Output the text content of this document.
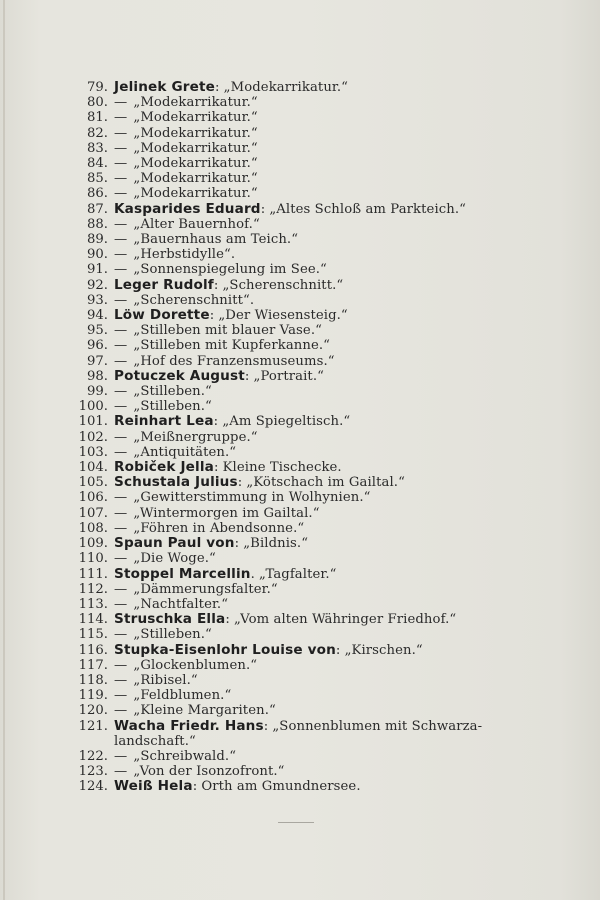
79. Jelinek Grete: „Modekarrikatur.“
80. — „Modekarrikatur.“
81. — „Modekarrikatur.“
82. — „Modekarrikatur.“
83. — „Modekarrikatur.“
84. — „Modekarrikatur.“
85. — „Modekarrikatur.“
86. — „Modekarrikatur.“
87. Kasparides Eduard: „Altes Schloß am Parkteich.“
88. — „Alter Bauernhof.“
89. — „Bauernhaus am Teich.“
90. — „Herbstidylle“.
91. — „Sonnenspiegelung im See.“
92. Leger Rudolf: „Scherenschnitt.“
93. — „Scherenschnitt“.
94. Löw Dorette: „Der Wiesensteig.“
95. — „Stilleben mit blauer Vase.“
96. — „Stilleben mit Kupferkanne.“
97. — „Hof des Franzensmuseums.“
98. Potuczek August: „Portrait.“
99. — „Stilleben.“
100. — „Stilleben.“
101. Reinhart Lea: „Am Spiegeltisch.“
102. — „Meißnergruppe.“
103. — „Antiquitäten.“
104. Robiček Jella: Kleine Tischecke.
105. Schustala Julius: „Kötschach im Gailtal.“
106. — „Gewitterstimmung in Wolhynien.“
107. — „Wintermorgen im Gailtal.“
108. — „Föhren in Abendsonne.“
109. Spaun Paul von: „Bildnis.“
110. — „Die Woge.“
111. Stoppel Marcellin. „Tagfalter.“
112. — „Dämmerungsfalter.“
113. — „Nachtfalter.“
114. Struschka Ella: „Vom alten Währinger Friedhof.“
115. — „Stilleben.“
116. Stupka-Eisenlohr Louise von: „Kirschen.“
117. — „Glockenblumen.“
118. — „Ribisel.“
119. — „Feldblumen.“
120. — „Kleine Margariten.“
121. Wacha Friedr. Hans: „Sonnenblumen mit Schwarza-landschaft.“
122. — „Schreibwald.“
123. — „Von der Isonzofront.“
124. Weiß Hela: Orth am Gmundnersee.
